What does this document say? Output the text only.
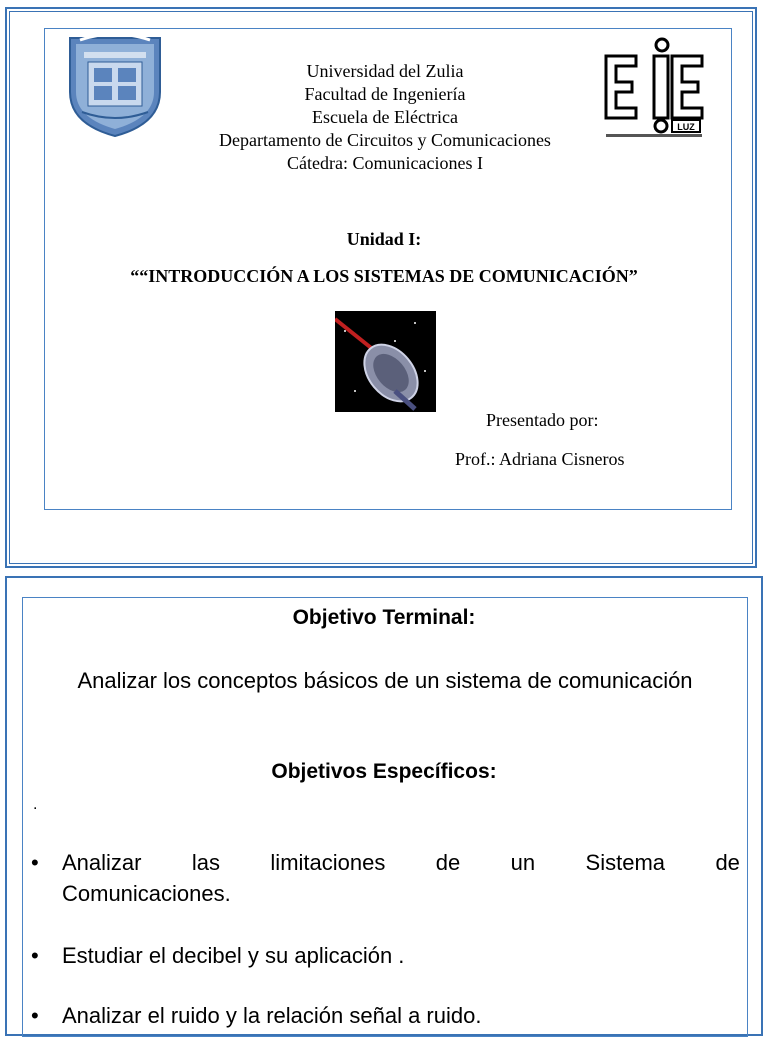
LUZ
Universidad del Zulia
Facultad de Ingeniería
Escuela de Eléctrica
Departamento de Circuitos y Comunicaciones
Cátedra: Comunicaciones I
Unidad I:
““INTRODUCCIÓN A LOS SISTEMAS DE COMUNICACIÓN”
Presentado por:
Prof.: Adriana Cisneros
Objetivo Terminal:
Analizar los conceptos básicos de un sistema de comunicación
Objetivos Específicos:
.
• Analizar las limitaciones de un Sistema de
Comunicaciones.
• Estudiar el decibel y su aplicación .
• Analizar el ruido y la relación señal a ruido.
